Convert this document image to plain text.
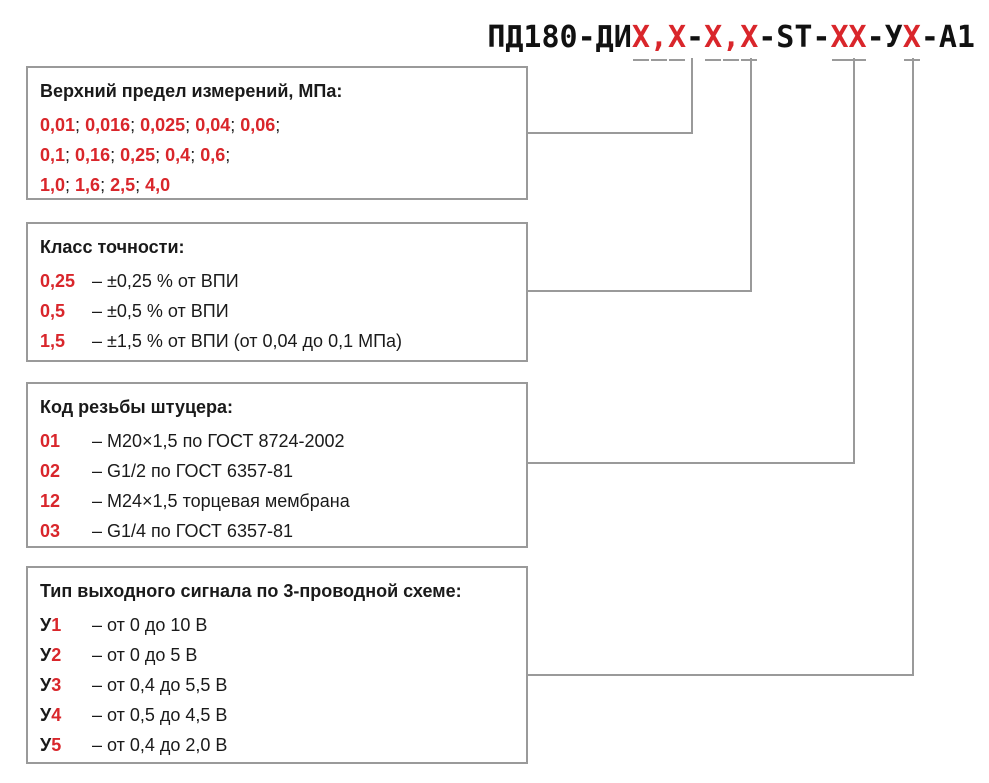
ПД180-ДИХ,Х-Х,Х-ST-ХХ-УХ-А1
Верхний предел измерений, МПа:
0,01; 0,016; 0,025; 0,04; 0,06;
0,1; 0,16; 0,25; 0,4; 0,6;
1,0; 1,6; 2,5; 4,0
Класс точности:
0,25 – ±0,25 % от ВПИ
0,5 – ±0,5 % от ВПИ
1,5 – ±1,5 % от ВПИ (от 0,04 до 0,1 МПа)
Код резьбы штуцера:
01 – М20×1,5 по ГОСТ 8724-2002
02 – G1/2 по ГОСТ 6357-81
12 – М24×1,5 торцевая мембрана
03 – G1/4 по ГОСТ 6357-81
Тип выходного сигнала по 3-проводной схеме:
У1 – от 0 до 10 В
У2 – от 0 до 5 В
У3 – от 0,4 до 5,5 В
У4 – от 0,5 до 4,5 В
У5 – от 0,4 до 2,0 В
